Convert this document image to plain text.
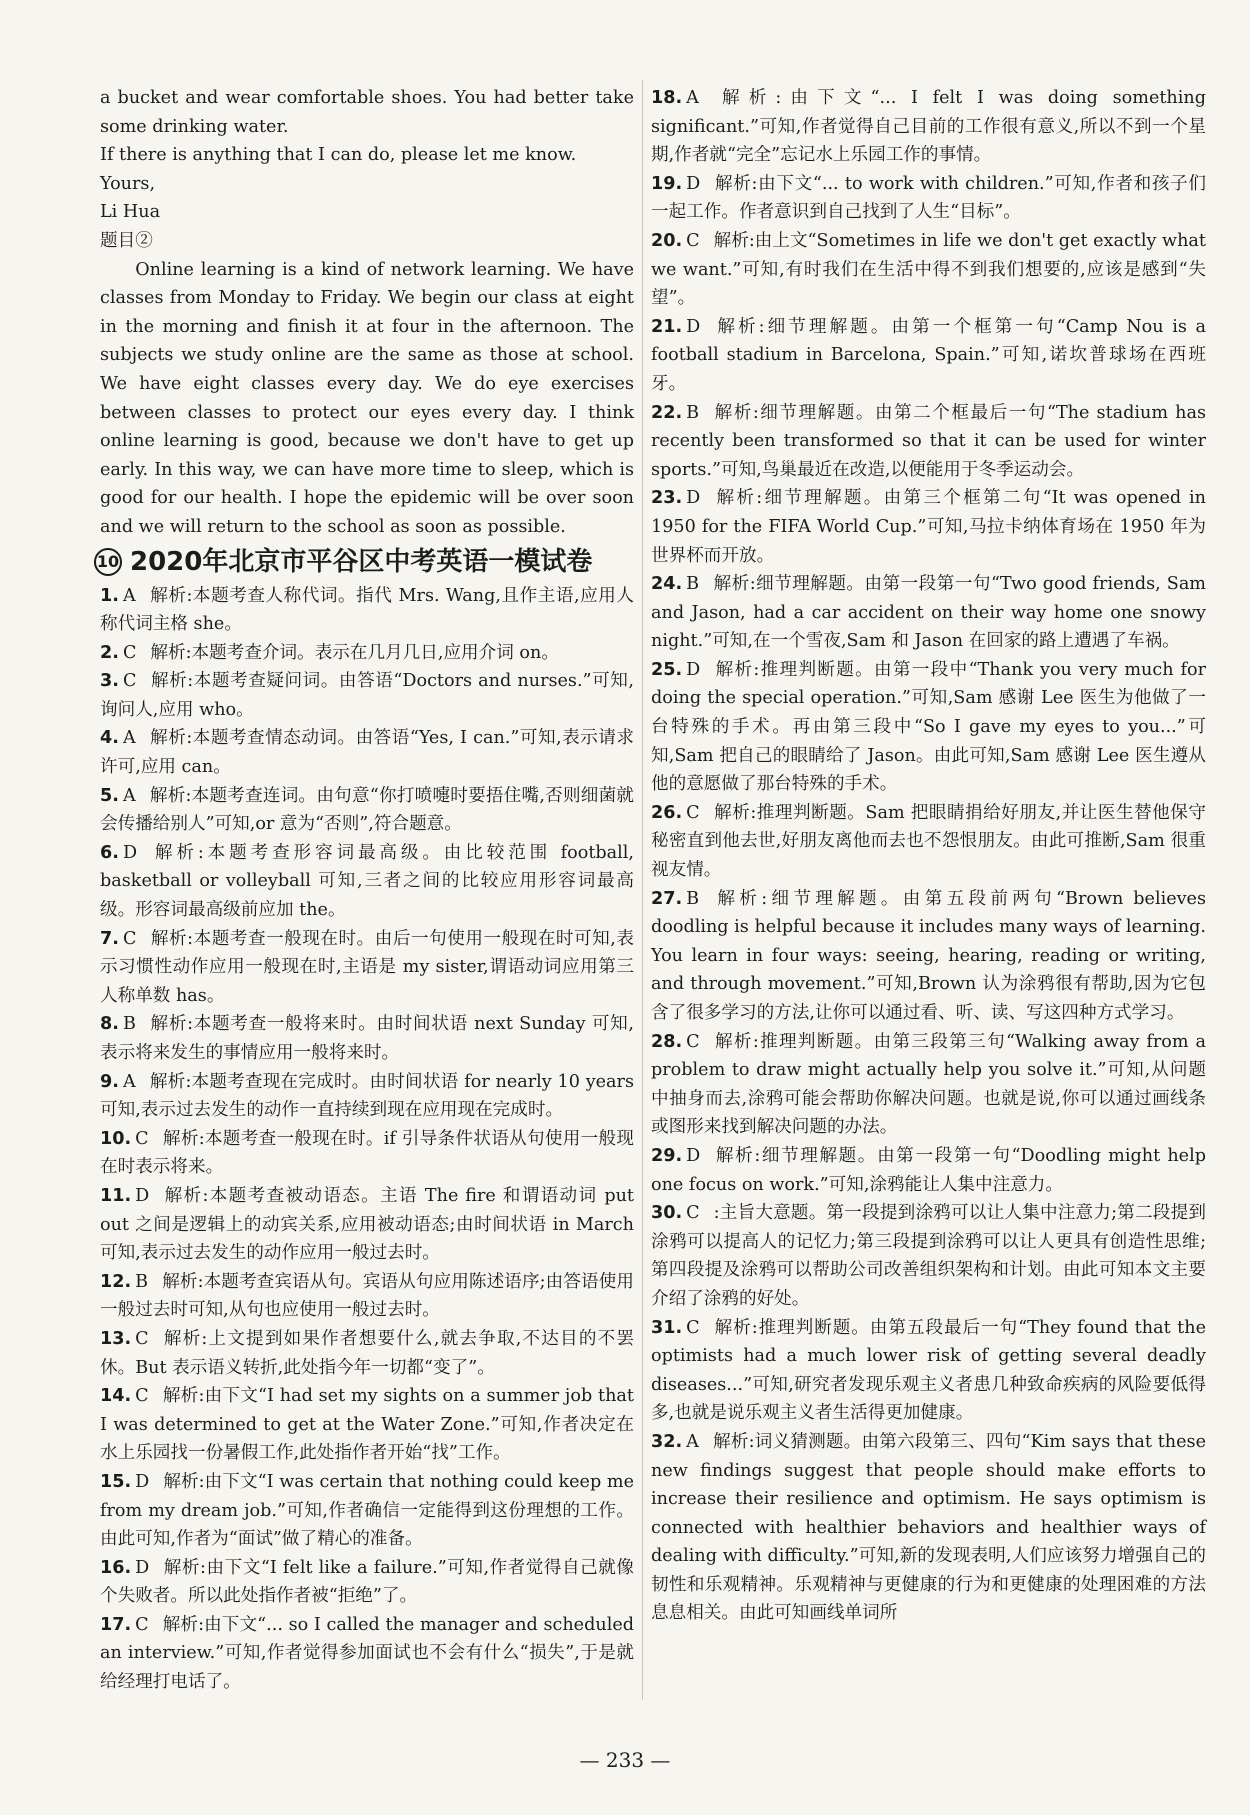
a bucket and wear comfortable shoes. You had better take some drinking water.

If there is anything that I can do, please let me know.

Yours,

Li Hua

题目②

Online learning is a kind of network learning. We have classes from Monday to Friday. We begin our class at eight in the morning and finish it at four in the afternoon. The subjects we study online are the same as those at school. We have eight classes every day. We do eye exercises between classes to protect our eyes every day. I think online learning is good, because we don't have to get up early. In this way, we can have more time to sleep, which is good for our health. I hope the epidemic will be over soon and we will return to the school as soon as possible.

10 2020年北京市平谷区中考英语一模试卷

1. A 解析:本题考查人称代词。指代 Mrs. Wang,且作主语,应用人称代词主格 she。

2. C 解析:本题考查介词。表示在几月几日,应用介词 on。

3. C 解析:本题考查疑问词。由答语“Doctors and nurses.”可知,询问人,应用 who。

4. A 解析:本题考查情态动词。由答语“Yes, I can.”可知,表示请求许可,应用 can。

5. A 解析:本题考查连词。由句意“你打喷嚏时要捂住嘴,否则细菌就会传播给别人”可知,or 意为“否则”,符合题意。

6. D 解析:本题考查形容词最高级。由比较范围 football, basketball or volleyball 可知,三者之间的比较应用形容词最高级。形容词最高级前应加 the。

7. C 解析:本题考查一般现在时。由后一句使用一般现在时可知,表示习惯性动作应用一般现在时,主语是 my sister,谓语动词应用第三人称单数 has。

8. B 解析:本题考查一般将来时。由时间状语 next Sunday 可知,表示将来发生的事情应用一般将来时。

9. A 解析:本题考查现在完成时。由时间状语 for nearly 10 years 可知,表示过去发生的动作一直持续到现在应用现在完成时。

10. C 解析:本题考查一般现在时。if 引导条件状语从句使用一般现在时表示将来。

11. D 解析:本题考查被动语态。主语 The fire 和谓语动词 put out 之间是逻辑上的动宾关系,应用被动语态;由时间状语 in March 可知,表示过去发生的动作应用一般过去时。

12. B 解析:本题考查宾语从句。宾语从句应用陈述语序;由答语使用一般过去时可知,从句也应使用一般过去时。

13. C 解析:上文提到如果作者想要什么,就去争取,不达目的不罢休。But 表示语义转折,此处指今年一切都“变了”。

14. C 解析:由下文“I had set my sights on a summer job that I was determined to get at the Water Zone.”可知,作者决定在水上乐园找一份暑假工作,此处指作者开始“找”工作。

15. D 解析:由下文“I was certain that nothing could keep me from my dream job.”可知,作者确信一定能得到这份理想的工作。由此可知,作者为“面试”做了精心的准备。

16. D 解析:由下文“I felt like a failure.”可知,作者觉得自己就像个失败者。所以此处指作者被“拒绝”了。

17. C 解析:由下文“... so I called the manager and scheduled an interview.”可知,作者觉得参加面试也不会有什么“损失”,于是就给经理打电话了。

18. A 解析:由下文“... I felt I was doing something significant.”可知,作者觉得自己目前的工作很有意义,所以不到一个星期,作者就“完全”忘记水上乐园工作的事情。

19. D 解析:由下文“... to work with children.”可知,作者和孩子们一起工作。作者意识到自己找到了人生“目标”。

20. C 解析:由上文“Sometimes in life we don't get exactly what we want.”可知,有时我们在生活中得不到我们想要的,应该是感到“失望”。

21. D 解析:细节理解题。由第一个框第一句“Camp Nou is a football stadium in Barcelona, Spain.”可知,诺坎普球场在西班牙。

22. B 解析:细节理解题。由第二个框最后一句“The stadium has recently been transformed so that it can be used for winter sports.”可知,鸟巢最近在改造,以便能用于冬季运动会。

23. D 解析:细节理解题。由第三个框第二句“It was opened in 1950 for the FIFA World Cup.”可知,马拉卡纳体育场在 1950 年为世界杯而开放。

24. B 解析:细节理解题。由第一段第一句“Two good friends, Sam and Jason, had a car accident on their way home one snowy night.”可知,在一个雪夜,Sam 和 Jason 在回家的路上遭遇了车祸。

25. D 解析:推理判断题。由第一段中“Thank you very much for doing the special operation.”可知,Sam 感谢 Lee 医生为他做了一台特殊的手术。再由第三段中“So I gave my eyes to you...”可知,Sam 把自己的眼睛给了 Jason。由此可知,Sam 感谢 Lee 医生遵从他的意愿做了那台特殊的手术。

26. C 解析:推理判断题。Sam 把眼睛捐给好朋友,并让医生替他保守秘密直到他去世,好朋友离他而去也不怨恨朋友。由此可推断,Sam 很重视友情。

27. B 解析:细节理解题。由第五段前两句“Brown believes doodling is helpful because it includes many ways of learning. You learn in four ways: seeing, hearing, reading or writing, and through movement.”可知,Brown 认为涂鸦很有帮助,因为它包含了很多学习的方法,让你可以通过看、听、读、写这四种方式学习。

28. C 解析:推理判断题。由第三段第三句“Walking away from a problem to draw might actually help you solve it.”可知,从问题中抽身而去,涂鸦可能会帮助你解决问题。也就是说,你可以通过画线条或图形来找到解决问题的办法。

29. D 解析:细节理解题。由第一段第一句“Doodling might help one focus on work.”可知,涂鸦能让人集中注意力。

30. C :主旨大意题。第一段提到涂鸦可以让人集中注意力;第二段提到涂鸦可以提高人的记忆力;第三段提到涂鸦可以让人更具有创造性思维;第四段提及涂鸦可以帮助公司改善组织架构和计划。由此可知本文主要介绍了涂鸦的好处。

31. C 解析:推理判断题。由第五段最后一句“They found that the optimists had a much lower risk of getting several deadly diseases...”可知,研究者发现乐观主义者患几种致命疾病的风险要低得多,也就是说乐观主义者生活得更加健康。

32. A 解析:词义猜测题。由第六段第三、四句“Kim says that these new findings suggest that people should make efforts to increase their resilience and optimism. He says optimism is connected with healthier behaviors and healthier ways of dealing with difficulty.”可知,新的发现表明,人们应该努力增强自己的韧性和乐观精神。乐观精神与更健康的行为和更健康的处理困难的方法息息相关。由此可知画线单词所

— 233 —
